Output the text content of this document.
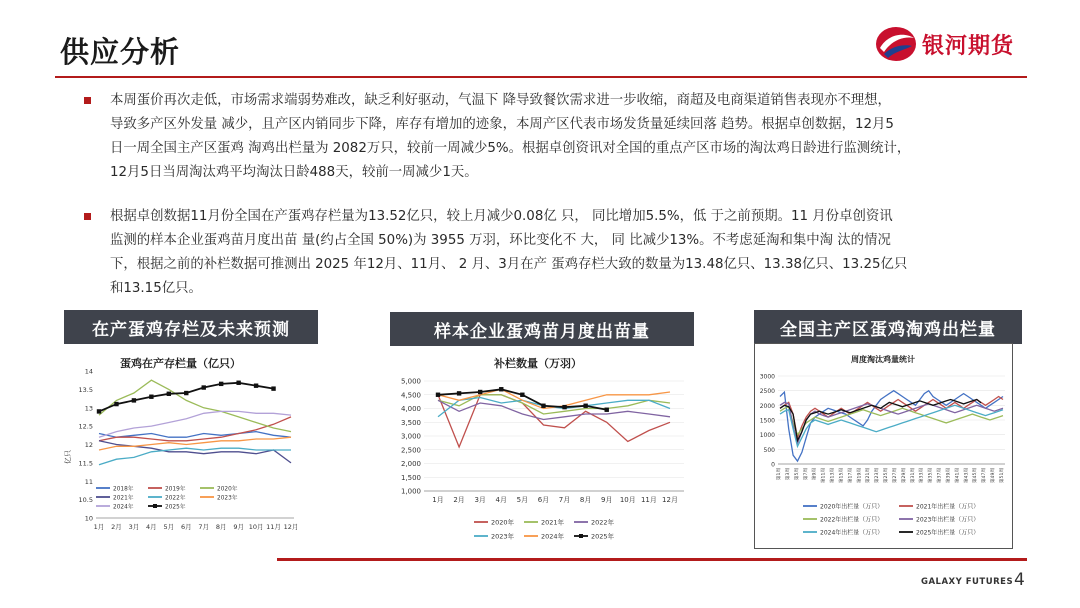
供应分析	银河期货
本周蛋价再次走低，市场需求端弱势难改，缺乏利好驱动，气温下 降导致餐饮需求进一步收缩，商超及电商渠道销售表现亦不理想，
导致多产区外发量 减少，且产区内销同步下降，库存有增加的迹象，本周产区代表市场发货量延续回落 趋势。根据卓创数据，12月5
日一周全国主产区蛋鸡 淘鸡出栏量为 2082万只，较前一周减少5%。根据卓创资讯对全国的重点产区市场的淘汰鸡日龄进行监测统计，
12月5日当周淘汰鸡平均淘汰日龄488天，较前一周减少1天。
根据卓创数据11月份全国在产蛋鸡存栏量为13.52亿只，较上月减少0.08亿 只， 同比增加5.5%，低 于之前预期。11 月份卓创资讯
监测的样本企业蛋鸡苗月度出苗 量(约占全国 50%)为 3955 万羽，环比变化不 大， 同 比减少13%。不考虑延淘和集中淘 汰的情况
下，根据之前的补栏数据可推测出 2025 年12月、11月、 2 月、3月在产 蛋鸡存栏大致的数量为13.48亿只、13.38亿只、13.25亿只
和13.15亿只。
在产蛋鸡存栏及未来预测	样本企业蛋鸡苗月度出苗量	全国主产区蛋鸡淘鸡出栏量
蛋鸡在产存栏量（亿只）
10
10.5
11
11.5
12
12.5
13
13.5
14
亿只
1月 2月 3月 4月 5月 6月 7月 8月 9月 10月 11月 12月
2018年	2019年	2020年
2021年	2022年	2023年
2024年	2025年
补栏数量（万羽）
1,000
1,500
2,000
2,500
3,000
3,500
4,000
4,500
5,000
1月 2月 3月 4月 5月 6月 7月 8月 9月 10月 11月 12月
2020年	2021年	2022年
2023年	2024年	2025年
周度淘汰鸡量统计
0
500
1000
1500
2000
2500
3000
第1周 第3周 第5周 第7周 第9周 第11周 第13周 第15周 第17周 第19周 第21周 第23周 第25周 第27周 第29周 第31周 第33周 第35周 第37周 第39周 第41周 第43周 第45周 第47周 第49周 第51周
2020年出栏量（万只）	2021年出栏量（万只）
2022年出栏量（万只）	2023年出栏量（万只）
2024年出栏量（万只）	2025年出栏量（万只）
GALAXY FUTURES 4
